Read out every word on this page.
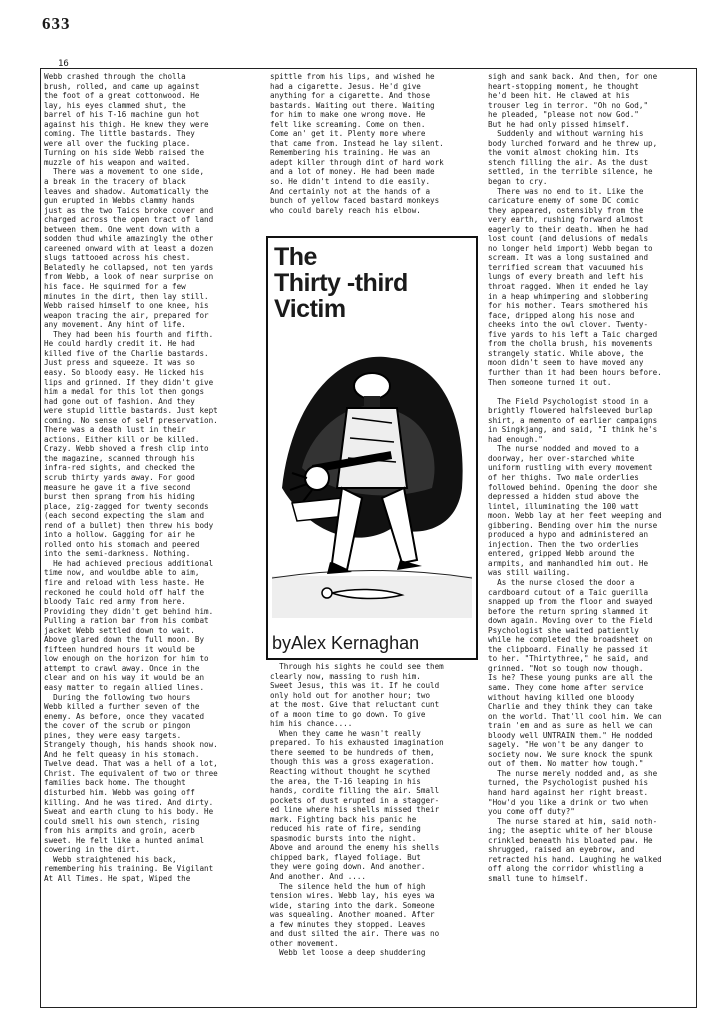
633
16
Webb crashed through the cholla
brush, rolled, and came up against
the foot of a great cottonwood. He
lay, his eyes clammed shut, the
barrel of his T-16 machine gun hot
against his thigh. He knew they were
coming. The little bastards. They
were all over the fucking place.
Turning on his side Webb raised the
muzzle of his weapon and waited.
There was a movement to one side,
a break in the tracery of black
leaves and shadow. Automatically the
gun erupted in Webbs clammy hands
just as the two Taics broke cover and
charged across the open tract of land
between them. One went down with a
sodden thud while amazingly the other
careened onward with at least a dozen
slugs tattooed across his chest.
Belatedly he collapsed, not ten yards
from Webb, a look of near surprise on
his face. He squirmed for a few
minutes in the dirt, then lay still.
Webb raised himself to one knee, his
weapon tracing the air, prepared for
any movement. Any hint of life.
They had been his fourth and fifth.
He could hardly credit it. He had
killed five of the Charlie bastards.
Just press and squeeze. It was so
easy. So bloody easy. He licked his
lips and grinned. If they didn't give
him a medal for this lot then gongs
had gone out of fashion. And they
were stupid little bastards. Just kept
coming. No sense of self preservation.
There was a death lust in their
actions. Either kill or be killed.
Crazy. Webb shoved a fresh clip into
the magazine, scanned through his
infra-red sights, and checked the
scrub thirty yards away. For good
measure he gave it a five second
burst then sprang from his hiding
place, zig-zagged for twenty seconds
(each second expecting the slam and
rend of a bullet) then threw his body
into a hollow. Gagging for air he
rolled onto his stomach and peered
into the semi-darkness. Nothing.
He had achieved precious additional
time now, and wouldbe able to aim,
fire and reload with less haste. He
reckoned he could hold off half the
bloody Taic red army from here.
Providing they didn't get behind him.
Pulling a ration bar from his combat
jacket Webb settled down to wait.
Above glared down the full moon. By
fifteen hundred hours it would be
low enough on the horizon for him to
attempt to crawl away. Once in the
clear and on his way it would be an
easy matter to regain allied lines.
During the following two hours
Webb killed a further seven of the
enemy. As before, once they vacated
the cover of the scrub or pingon
pines, they were easy targets.
Strangely though, his hands shook now.
And he felt queasy in his stomach.
Twelve dead. That was a hell of a lot,
Christ. The equivalent of two or three
families back home. The thought
disturbed him. Webb was going off
killing. And he was tired. And dirty.
Sweat and earth clung to his body. He
could smell his own stench, rising
from his armpits and groin, acerb
sweet. He felt like a hunted animal
cowering in the dirt.
Webb straightened his back,
remembering his training. Be Vigilant
At All Times. He spat, Wiped the
spittle from his lips, and wished he
had a cigarette. Jesus. He'd give
anything for a cigarette. And those
bastards. Waiting out there. Waiting
for him to make one wrong move. He
felt like screaming. Come on then.
Come an' get it. Plenty more where
that came from. Instead he lay silent.
Remembering his training. He was an
adept killer through dint of hard work
and a lot of money. He had been made
so. He didn't intend to die easily.
And certainly not at the hands of a
bunch of yellow faced bastard monkeys
who could barely reach his elbow.
The
Thirty -third
Victim
byAlex Kernaghan
Through his sights he could see them
clearly now, massing to rush him.
Sweet Jesus, this was it. If he could
only hold out for another hour; two
at the most. Give that reluctant cunt
of a moon time to go down. To give
him his chance....
When they came he wasn't really
prepared. To his exhausted imagination
there seemed to be hundreds of them,
though this was a gross exageration.
Reacting without thought he scythed
the area, the T-16 leaping in his
hands, cordite filling the air. Small
pockets of dust erupted in a stagger-
ed line where his shells missed their
mark. Fighting back his panic he
reduced his rate of fire, sending
spasmodic bursts into the night.
Above and around the enemy his shells
chipped bark, flayed foliage. But
they were going down. And another.
And another. And ....
The silence held the hum of high
tension wires. Webb lay, his eyes wa
wide, staring into the dark. Someone
was squealing. Another moaned. After
a few minutes they stopped. Leaves
and dust silted the air. There was no
other movement.
Webb let loose a deep shuddering
sigh and sank back. And then, for one
heart-stopping moment, he thought
he'd been hit. He clawed at his
trouser leg in terror. "Oh no God,"
he pleaded, "please not now God."
But he had only pissed himself.
Suddenly and without warning his
body lurched forward and he threw up,
the vomit almost choking him. Its
stench filling the air. As the dust
settled, in the terrible silence, he
began to cry.
There was no end to it. Like the
caricature enemy of some DC comic
they appeared, ostensibly from the
very earth, rushing forward almost
eagerly to their death. When he had
lost count (and delusions of medals
no longer held import) Webb began to
scream. It was a long sustained and
terrified scream that vacuumed his
lungs of every breath and left his
throat ragged. When it ended he lay
in a heap whimpering and slobbering
for his mother. Tears smothered his
face, dripped along his nose and
cheeks into the owl clover. Twenty-
five yards to his left a Taic charged
from the cholla brush, his movements
strangely static. While above, the
moon didn't seem to have moved any
further than it had been hours before.
Then someone turned it out.

The Field Psychologist stood in a
brightly flowered halfsleeved burlap
shirt, a memento of earlier campaigns
in Singkjang, and said, "I think he's
had enough."
The nurse nodded and moved to a
doorway, her over-starched white
uniform rustling with every movement
of her thighs. Two male orderlies
followed behind. Opening the door she
depressed a hidden stud above the
lintel, illuminating the 100 watt
moon. Webb lay at her feet weeping and
gibbering. Bending over him the nurse
produced a hypo and administered an
injection. Then the two orderlies
entered, gripped Webb around the
armpits, and manhandled him out. He
was still wailing.
As the nurse closed the door a
cardboard cutout of a Taic guerilla
snapped up from the floor and swayed
before the return spring slammed it
down again. Moving over to the Field
Psychologist she waited patiently
while he completed the broadsheet on
the clipboard. Finally he passed it
to her. "Thirtythree," he said, and
grinned. "Not so tough now though.
Is he? These young punks are all the
same. They come home after service
without having killed one bloody
Charlie and they think they can take
on the world. That'll cool him. We can
train 'em and as sure as hell we can
bloody well UNTRAIN them." He nodded
sagely. "He won't be any danger to
society now. We sure knock the spunk
out of them. No matter how tough."
The nurse merely nodded and, as she
turned, the Psychologist pushed his
hand hard against her right breast.
"How'd you like a drink or two when
you come off duty?"
The nurse stared at him, said noth-
ing; the aseptic white of her blouse
crinkled beneath his bloated paw. He
shrugged, raised an eyebrow, and
retracted his hand. Laughing he walked
off along the corridor whistling a
small tune to himself.
